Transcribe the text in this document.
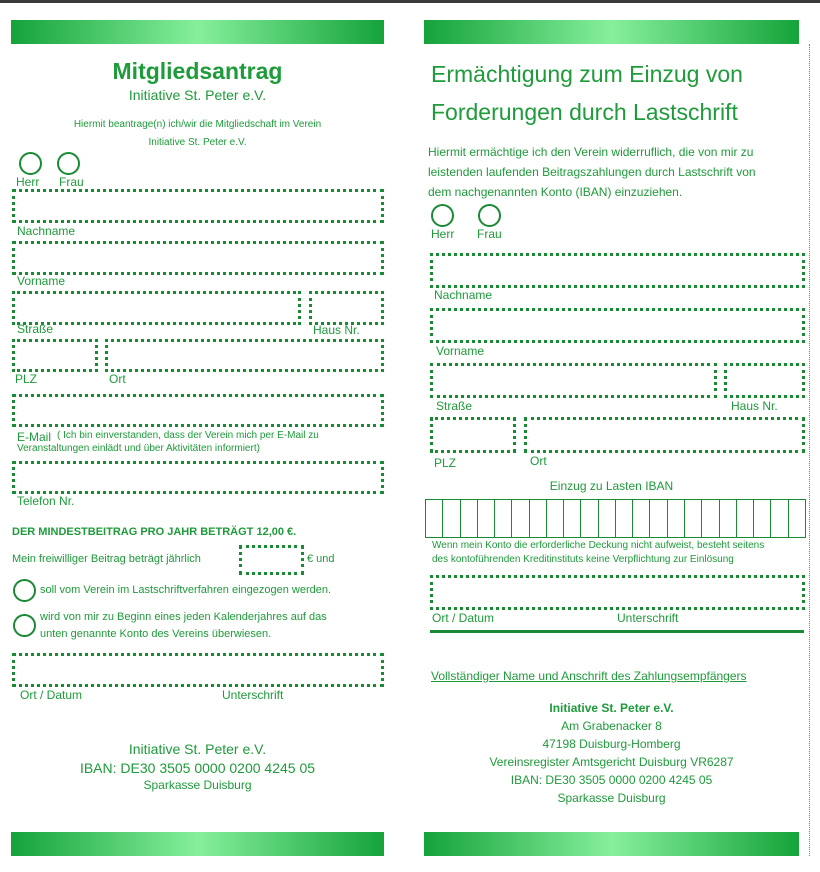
Mitgliedsantrag
Initiative St. Peter e.V.
Hiermit beantrage(n) ich/wir die Mitgliedschaft im Verein
Initiative St. Peter e.V.
Herr Frau
Nachname
Vorname
Straße	Haus Nr.
PLZ	Ort
E-Mail ( Ich bin einverstanden, dass der Verein mich per E-Mail zu
Veranstaltungen einlädt und über Aktivitäten informiert)
Telefon Nr.
DER MINDESTBEITRAG PRO JAHR BETRÄGT 12,00 €.
Mein freiwilliger Beitrag beträgt jährlich	€ und
soll vom Verein im Lastschriftverfahren eingezogen werden.
wird von mir zu Beginn eines jeden Kalenderjahres auf das
unten genannte Konto des Vereins überwiesen.
Ort / Datum	Unterschrift
Initiative St. Peter e.V.
IBAN: DE30 3505 0000 0200 4245 05
Sparkasse Duisburg
Ermächtigung zum Einzug von
Forderungen durch Lastschrift
Hiermit ermächtige ich den Verein widerruflich, die von mir zu
leistenden laufenden Beitragszahlungen durch Lastschrift von
dem nachgenannten Konto (IBAN) einzuziehen.
Herr Frau
Nachname
Vorname
Straße	Haus Nr.
PLZ	Ort
Einzug zu Lasten IBAN
Wenn mein Konto die erforderliche Deckung nicht aufweist, besteht seitens
des kontoführenden Kreditinstituts keine Verpflichtung zur Einlösung
Ort / Datum	Unterschrift
Vollständiger Name und Anschrift des Zahlungsempfängers
Initiative St. Peter e.V.
Am Grabenacker 8
47198 Duisburg-Homberg
Vereinsregister Amtsgericht Duisburg VR6287
IBAN: DE30 3505 0000 0200 4245 05
Sparkasse Duisburg
